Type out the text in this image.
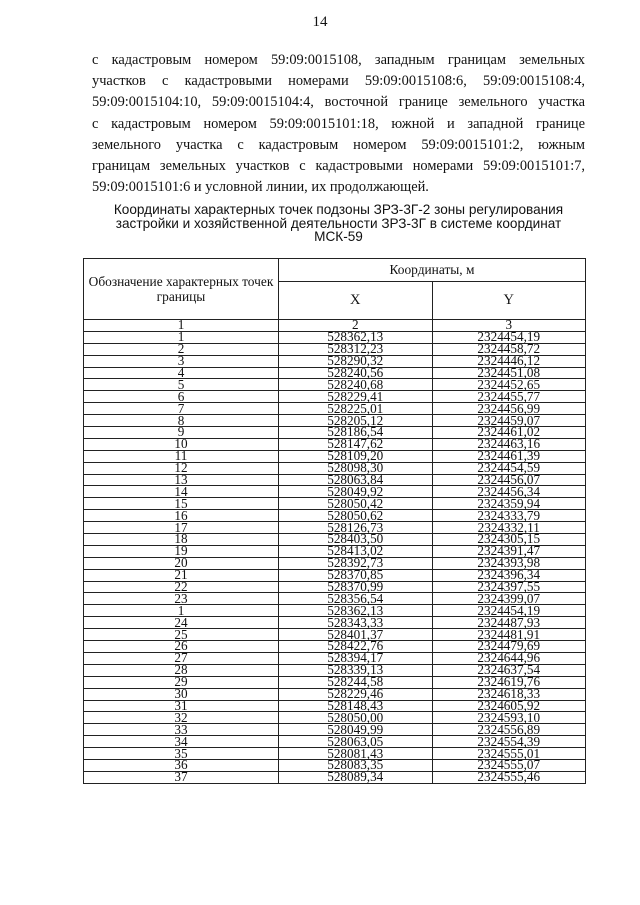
14
с кадастровым номером 59:09:0015108, западным границам земельных
участков с кадастровыми номерами 59:09:0015108:6, 59:09:0015108:4,
59:09:0015104:10, 59:09:0015104:4, восточной границе земельного участка
с кадастровым номером 59:09:0015101:18, южной и западной границе
земельного участка с кадастровым номером 59:09:0015101:2, южным
границам земельных участков с кадастровыми номерами 59:09:0015101:7,
59:09:0015101:6 и условной линии, их продолжающей.
Координаты характерных точек подзоны ЗРЗ-3Г-2 зоны регулирования
застройки и хозяйственной деятельности ЗРЗ-3Г в системе координат
МСК-59
Обозначение характерных точек границы	Координаты, м	
	X	Y
1	2	3
1	528362,13	2324454,19
2	528312,23	2324458,72
3	528290,32	2324446,12
4	528240,56	2324451,08
5	528240,68	2324452,65
6	528229,41	2324455,77
7	528225,01	2324456,99
8	528205,12	2324459,07
9	528186,54	2324461,02
10	528147,62	2324463,16
11	528109,20	2324461,39
12	528098,30	2324454,59
13	528063,84	2324456,07
14	528049,92	2324456,34
15	528050,42	2324359,94
16	528050,62	2324333,79
17	528126,73	2324332,11
18	528403,50	2324305,15
19	528413,02	2324391,47
20	528392,73	2324393,98
21	528370,85	2324396,34
22	528370,99	2324397,55
23	528356,54	2324399,07
1	528362,13	2324454,19
24	528343,33	2324487,93
25	528401,37	2324481,91
26	528422,76	2324479,69
27	528394,17	2324644,96
28	528339,13	2324637,54
29	528244,58	2324619,76
30	528229,46	2324618,33
31	528148,43	2324605,92
32	528050,00	2324593,10
33	528049,99	2324556,89
34	528063,05	2324554,39
35	528081,43	2324555,01
36	528083,35	2324555,07
37	528089,34	2324555,46
